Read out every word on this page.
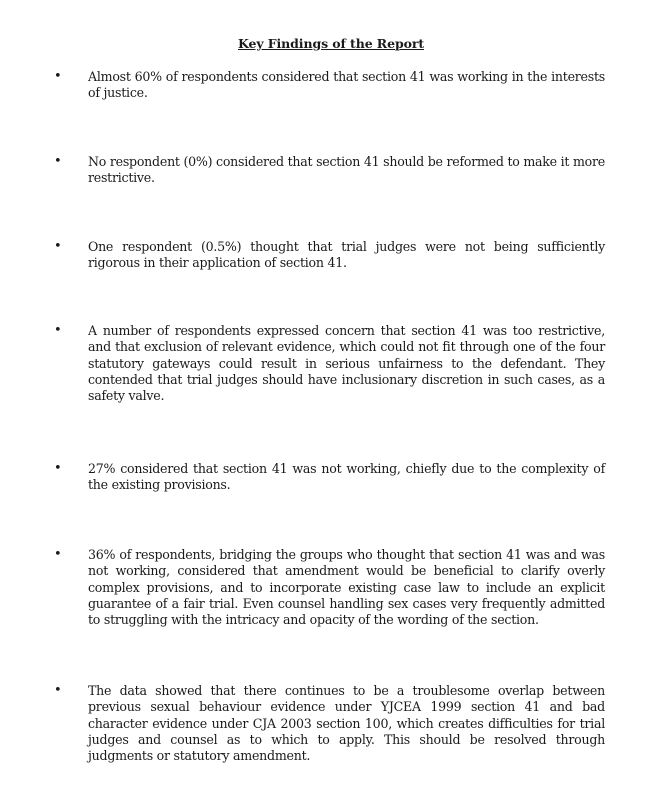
Key Findings of the Report
• Almost 60% of respondents considered that section 41 was working in the interests of justice.
• No respondent (0%) considered that section 41 should be reformed to make it more restrictive.
• One respondent (0.5%) thought that trial judges were not being sufficiently rigorous in their application of section 41.
• A number of respondents expressed concern that section 41 was too restrictive, and that exclusion of relevant evidence, which could not fit through one of the four statutory gateways could result in serious unfairness to the defendant. They contended that trial judges should have inclusionary discretion in such cases, as a safety valve.
• 27% considered that section 41 was not working, chiefly due to the complexity of the existing provisions.
• 36% of respondents, bridging the groups who thought that section 41 was and was not working, considered that amendment would be beneficial to clarify overly complex provisions, and to incorporate existing case law to include an explicit guarantee of a fair trial. Even counsel handling sex cases very frequently admitted to struggling with the intricacy and opacity of the wording of the section.
• The data showed that there continues to be a troublesome overlap between previous sexual behaviour evidence under YJCEA 1999 section 41 and bad character evidence under CJA 2003 section 100, which creates difficulties for trial judges and counsel as to which to apply. This should be resolved through judgments or statutory amendment.
